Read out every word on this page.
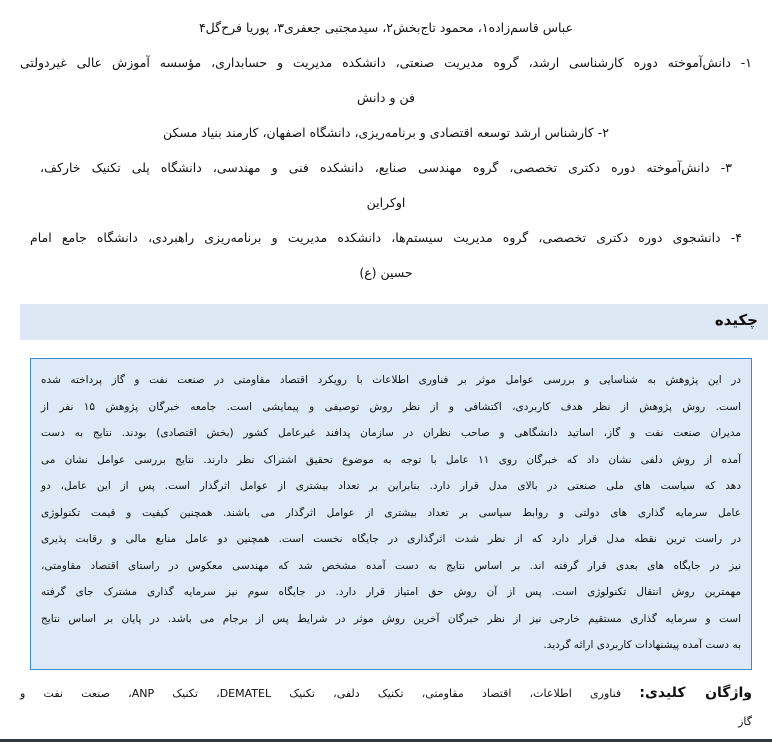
عباس قاسم‌زاده۱، محمود تاج‌بخش۲، سیدمجتبی جعفری۳، پوریا فرح‌گل۴
۱- دانش‌آموخته دوره کارشناسی ارشد، گروه مدیریت صنعتی، دانشکده مدیریت و حسابداری، مؤسسه آموزش عالی غیردولتی
فن و دانش
۲- کارشناس ارشد توسعه اقتصادی و برنامه‌ریزی، دانشگاه اصفهان، کارمند بنیاد مسکن
۳- دانش‌آموخته دوره دکتری تخصصی، گروه مهندسی صنایع، دانشکده فنی و مهندسی، دانشگاه پلی تکنیک خارکف،
اوکراین
۴- دانشجوی دوره دکتری تخصصی، گروه مدیریت سیستم‌ها، دانشکده مدیریت و برنامه‌ریزی راهبردی، دانشگاه جامع امام
حسین (ع)
چکیده
در این پژوهش به شناسایی و بررسی عوامل موثر بر فناوری اطلاعات با رویکرد اقتصاد مقاومتی در صنعت نفت و گاز پرداخته شده
است. روش پژوهش از نظر هدف کاربردی، اکتشافی و از نظر روش توصیفی و پیمایشی است. جامعه خبرگان پژوهش ۱۵ نفر از
مدیران صنعت نفت و گاز، اساتید دانشگاهی و صاحب نظران در سازمان پدافند غیرعامل کشور (بخش اقتصادی) بودند. نتایج به دست
آمده از روش دلفی نشان داد که خبرگان روی ۱۱ عامل با توجه به موضوع تحقیق اشتراک نظر دارند. نتایج بررسی عوامل نشان می
دهد که سیاست های ملی صنعتی در بالای مدل قرار دارد. بنابراین بر تعداد بیشتری از عوامل اثرگذار است. پس از این عامل، دو
عامل سرمایه گذاری های دولتی و روابط سیاسی بر تعداد بیشتری از عوامل اثرگذار می باشند. همچنین کیفیت و قیمت تکنولوژی
در راست ترین نقطه مدل قرار دارد که از نظر شدت اثرگذاری در جایگاه نخست است. همچنین دو عامل منابع مالی و رقابت پذیری
نیز در جایگاه های بعدی قرار گرفته اند. بر اساس نتایج به دست آمده مشخص شد که مهندسی معکوس در راستای اقتصاد مقاومتی،
مهمترین روش انتقال تکنولوژی است. پس از آن روش حق امتیاز قرار دارد. در جایگاه سوم نیز سرمایه گذاری مشترک جای گرفته
است و سرمایه گذاری مستقیم خارجی نیز از نظر خبرگان آخرین روش موثر در شرایط پس از برجام می باشد. در پایان بر اساس نتایج
به دست آمده پیشنهادات کاربردی ارائه گردید.
واژگان کلیدی: فناوری اطلاعات، اقتصاد مقاومتی، تکنیک دلفی، تکنیک DEMATEL، تکنیک ANP، صنعت نفت و
گاز
